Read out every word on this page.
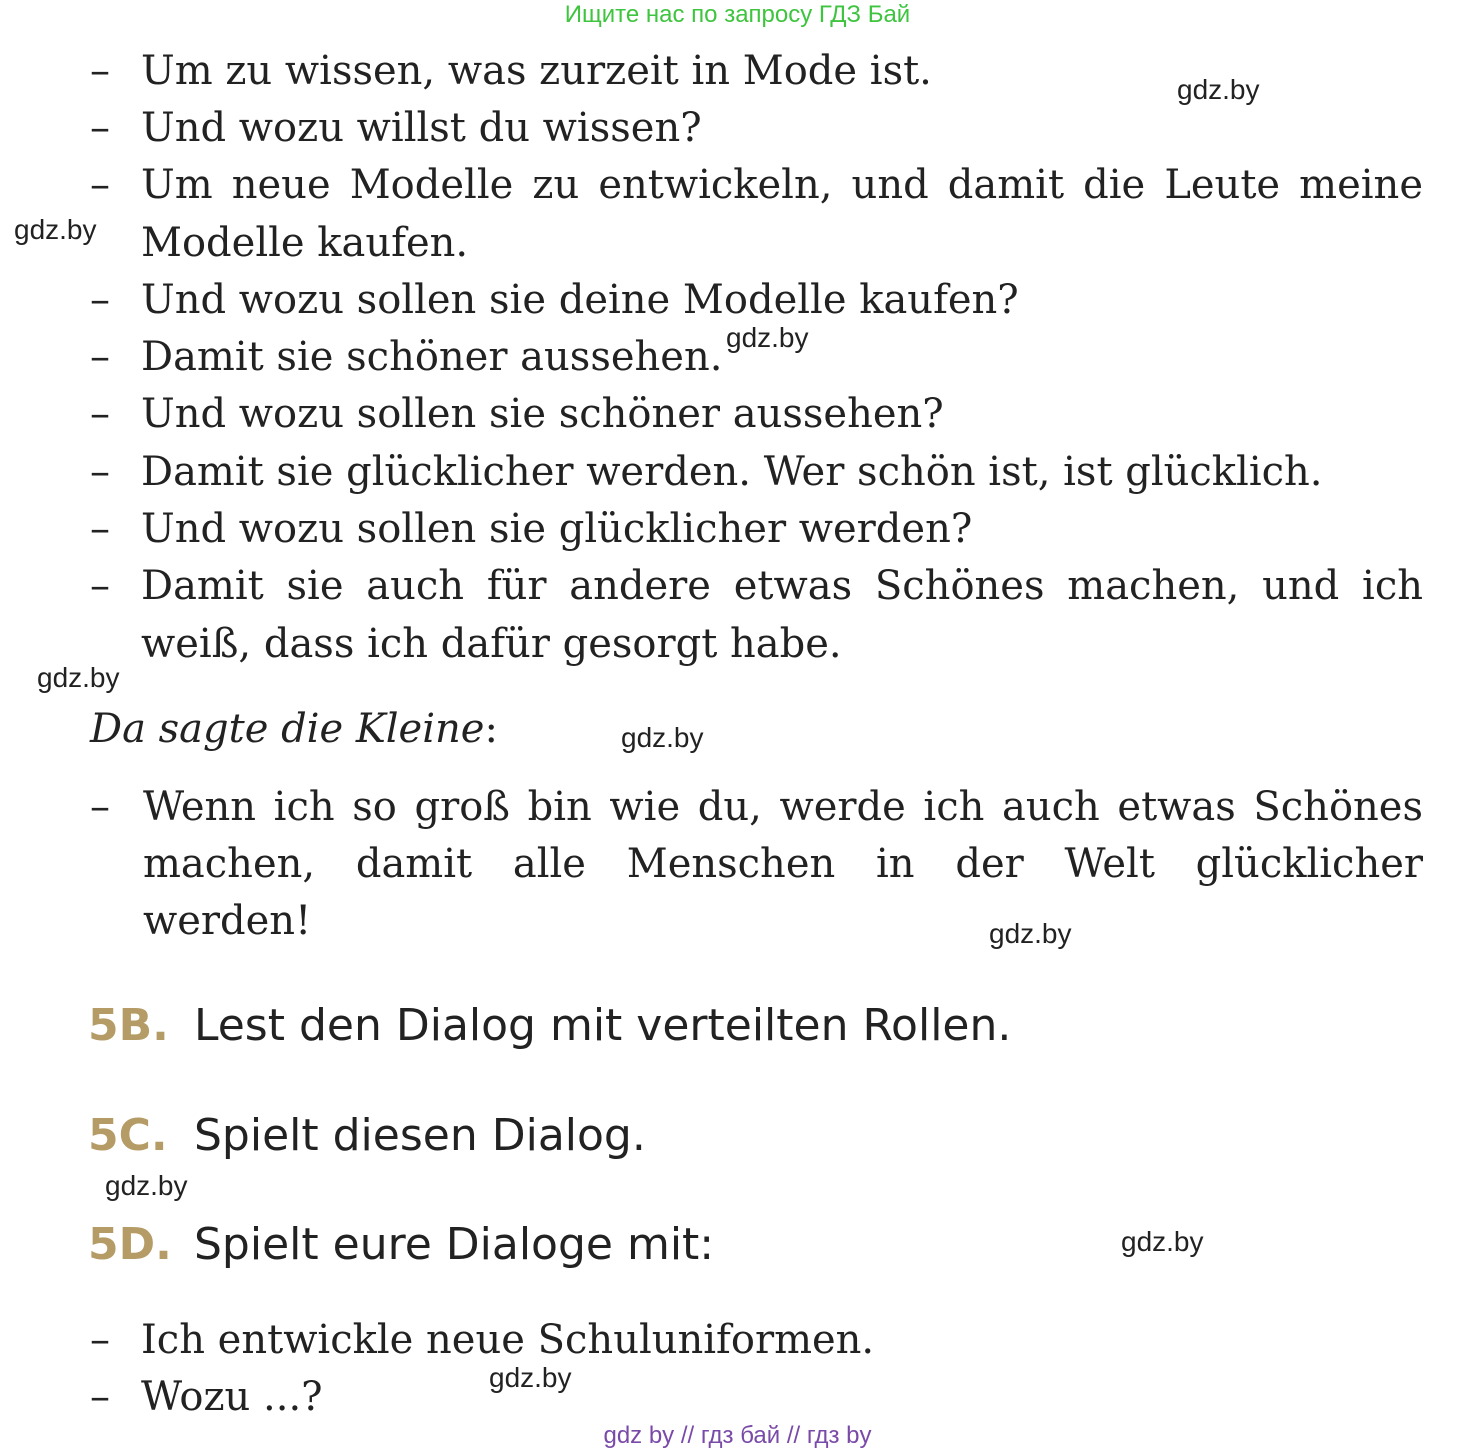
Ищите нас по запросу ГДЗ Бай
– Um zu wissen, was zurzeit in Mode ist.
– Und wozu willst du wissen?
– Um neue Modelle zu entwickeln, und damit die Leute meine
Modelle kaufen.
– Und wozu sollen sie deine Modelle kaufen?
– Damit sie schöner aussehen.
– Und wozu sollen sie schöner aussehen?
– Damit sie glücklicher werden. Wer schön ist, ist glücklich.
– Und wozu sollen sie glücklicher werden?
– Damit sie auch für andere etwas Schönes machen, und ich
weiß, dass ich dafür gesorgt habe.
Da sagte die Kleine:
– Wenn ich so groß bin wie du, werde ich auch etwas Schönes
machen, damit alle Menschen in der Welt glücklicher
werden!
5B. Lest den Dialog mit verteilten Rollen.
5C. Spielt diesen Dialog.
5D. Spielt eure Dialoge mit:
– Ich entwickle neue Schuluniformen.
– Wozu ...?
gdz.by
gdz.by
gdz.by
gdz.by
gdz.by
gdz.by
gdz.by
gdz.by
gdz.by
gdz by // гдз бай // гдз by
